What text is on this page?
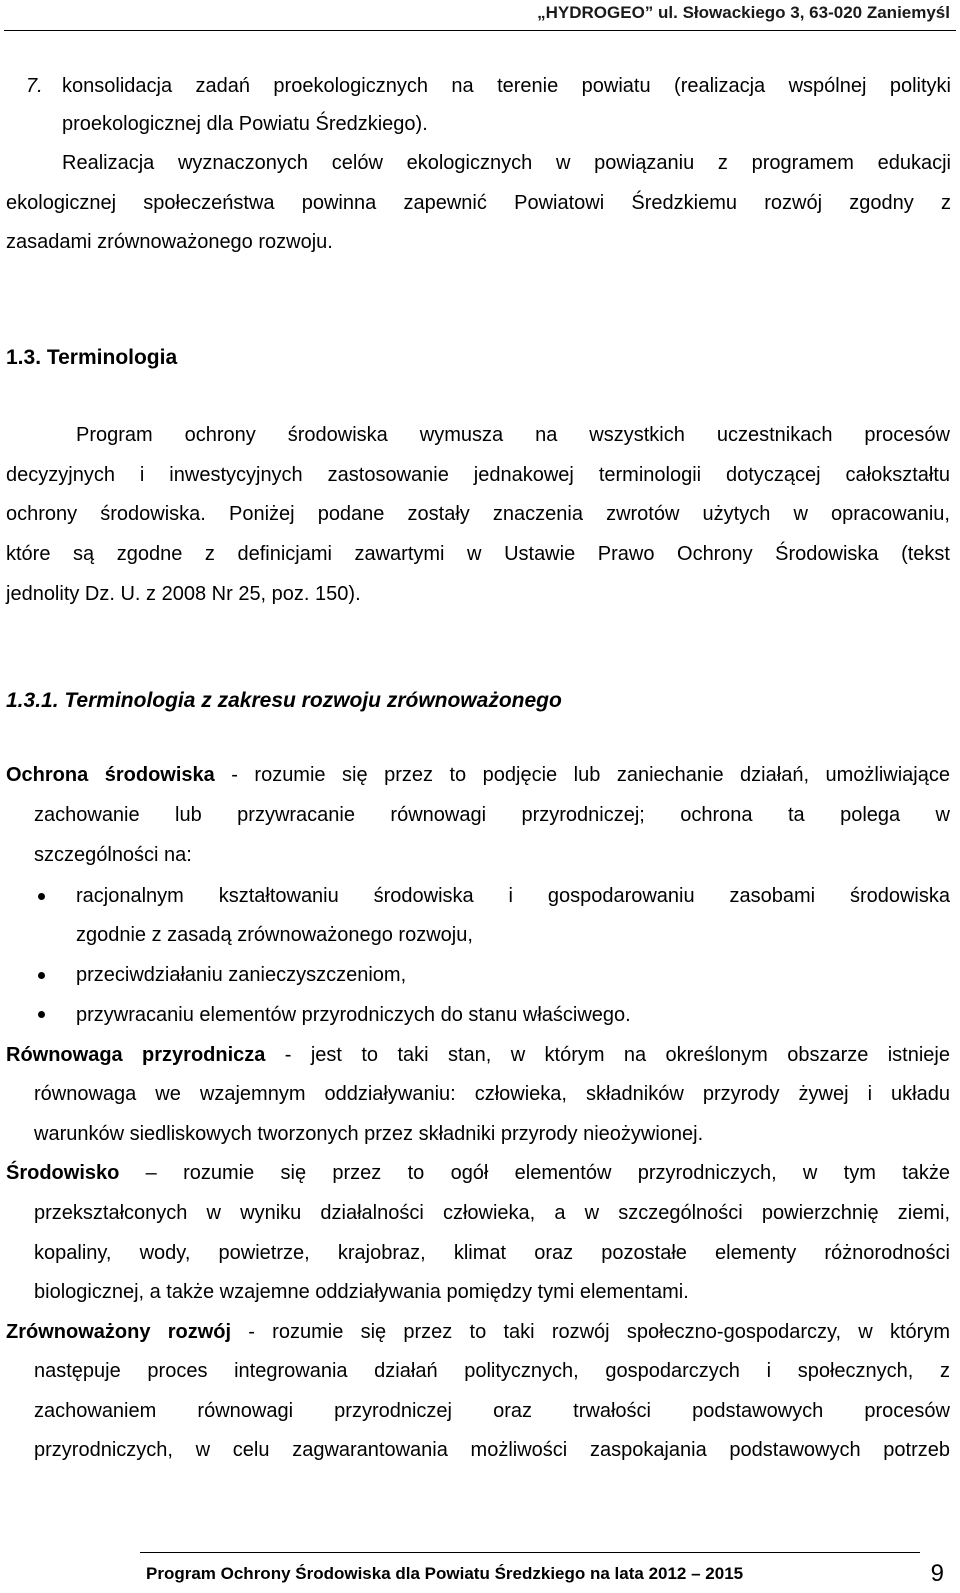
„HYDROGEO” ul. Słowackiego 3, 63-020 Zaniemyśl
7. konsolidacja zadań proekologicznych na terenie powiatu (realizacja wspólnej polityki
proekologicznej dla Powiatu Średzkiego).
Realizacja wyznaczonych celów ekologicznych w powiązaniu z programem edukacji
ekologicznej społeczeństwa powinna zapewnić Powiatowi Średzkiemu rozwój zgodny z
zasadami zrównoważonego rozwoju.
1.3. Terminologia
Program ochrony środowiska wymusza na wszystkich uczestnikach procesów
decyzyjnych i inwestycyjnych zastosowanie jednakowej terminologii dotyczącej całokształtu
ochrony środowiska. Poniżej podane zostały znaczenia zwrotów użytych w opracowaniu,
które są zgodne z definicjami zawartymi w Ustawie Prawo Ochrony Środowiska (tekst
jednolity Dz. U. z 2008 Nr 25, poz. 150).
1.3.1. Terminologia z zakresu rozwoju zrównoważonego
Ochrona środowiska - rozumie się przez to podjęcie lub zaniechanie działań, umożliwiające
zachowanie lub przywracanie równowagi przyrodniczej; ochrona ta polega w
szczególności na:
racjonalnym kształtowaniu środowiska i gospodarowaniu zasobami środowiska
zgodnie z zasadą zrównoważonego rozwoju,
przeciwdziałaniu zanieczyszczeniom,
przywracaniu elementów przyrodniczych do stanu właściwego.
Równowaga przyrodnicza - jest to taki stan, w którym na określonym obszarze istnieje
równowaga we wzajemnym oddziaływaniu: człowieka, składników przyrody żywej i układu
warunków siedliskowych tworzonych przez składniki przyrody nieożywionej.
Środowisko – rozumie się przez to ogół elementów przyrodniczych, w tym także
przekształconych w wyniku działalności człowieka, a w szczególności powierzchnię ziemi,
kopaliny, wody, powietrze, krajobraz, klimat oraz pozostałe elementy różnorodności
biologicznej, a także wzajemne oddziaływania pomiędzy tymi elementami.
Zrównoważony rozwój - rozumie się przez to taki rozwój społeczno-gospodarczy, w którym
następuje proces integrowania działań politycznych, gospodarczych i społecznych, z
zachowaniem równowagi przyrodniczej oraz trwałości podstawowych procesów
przyrodniczych, w celu zagwarantowania możliwości zaspokajania podstawowych potrzeb
Program Ochrony Środowiska dla Powiatu Średzkiego na lata 2012 – 2015	9
